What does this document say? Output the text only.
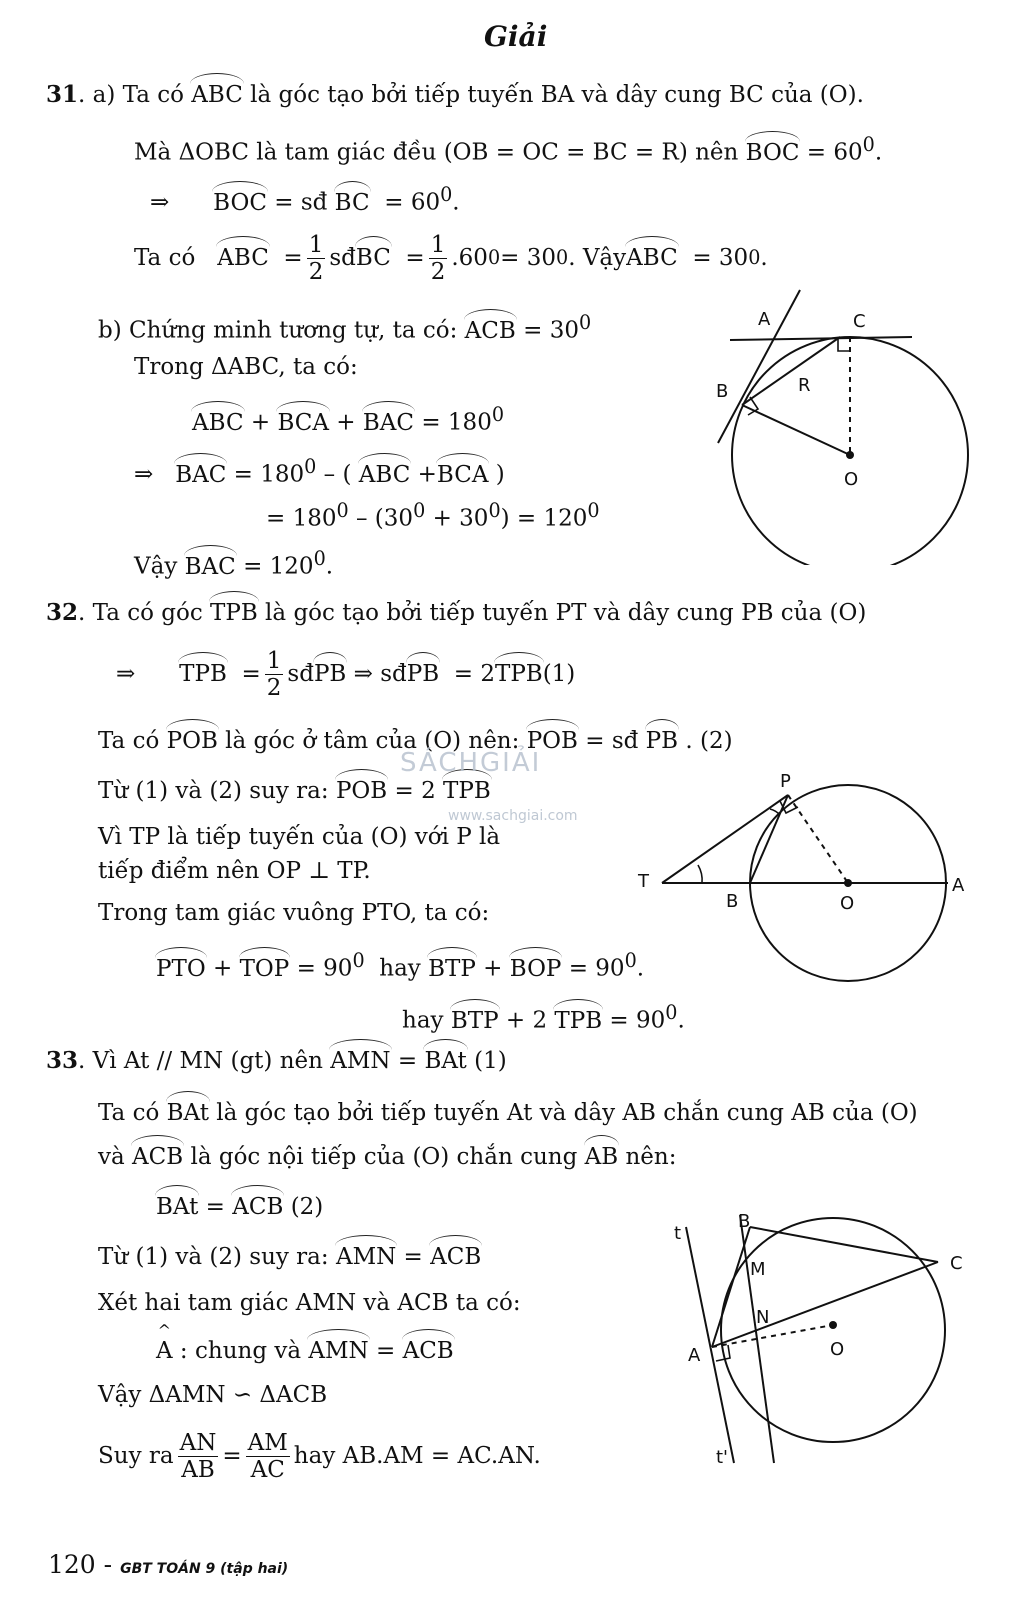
Giải
31. a) Ta có ABC là góc tạo bởi tiếp tuyến BA và dây cung BC của (O).
Mà ΔOBC là tam giác đều (OB = OC = BC = R) nên BOC = $60^0$.
⇒      BOC = sđ BC  = $60^0$.
Ta có ABC = $\frac{1}{2}$ sđ BC = $\frac{1}{2} .60$ 0 = 30 0 . Vậy ABC = 30 0 .
b) Chứng minh tương tự, ta có: ACB = $30^0$
Trong ΔABC, ta có:
ABC + BCA + BAC = $180^0$
⇒   BAC = $180^0$ – ( ABC +BCA )
= $180^0 - (30^0 + 30^0) = 120^0$
Vậy BAC = $120^0$.
A	C
B	R
O
32. Ta có góc TPB là góc tạo bởi tiếp tuyến PT và dây cung PB của (O)
⇒ TPB = $\frac{1}{2}$ sđ PB ⇒ sđ PB = 2 TPB (1)
Ta có POB là góc ở tâm của (O) nên: POB = sđ PB . (2)
Từ (1) và (2) suy ra: POB = 2 TPB
Vì TP là tiếp tuyến của (O) với P là
tiếp điểm nên OP ⊥ TP.
Trong tam giác vuông PTO, ta có:
PTO + TOP = $90^0$  hay BTP + BOP = $90^0$.
hay BTP + 2 TPB = $90^0$.
P
T
B	O
A
33. Vì At // MN (gt) nên AMN = BAt (1)
Ta có BAt là góc tạo bởi tiếp tuyến At và dây AB chắn cung AB của (O)
và ACB là góc nội tiếp của (O) chắn cung AB nên:
BAt = ACB (2)
Từ (1) và (2) suy ra: AMN = ACB
Xét hai tam giác AMN và ACB ta có:
^ A : chung và AMN = ACB
Vậy ΔAMN ∽ ΔACB
Suy ra $\frac{AN}{AB} = \frac{AM}{AC}$ hay AB.AM = AC.AN.
t
B
M	C
N
A	O
t'
SÁCHGIẢI
www.sachgiai.com
120 - GBT TOÁN 9 (tập hai)
